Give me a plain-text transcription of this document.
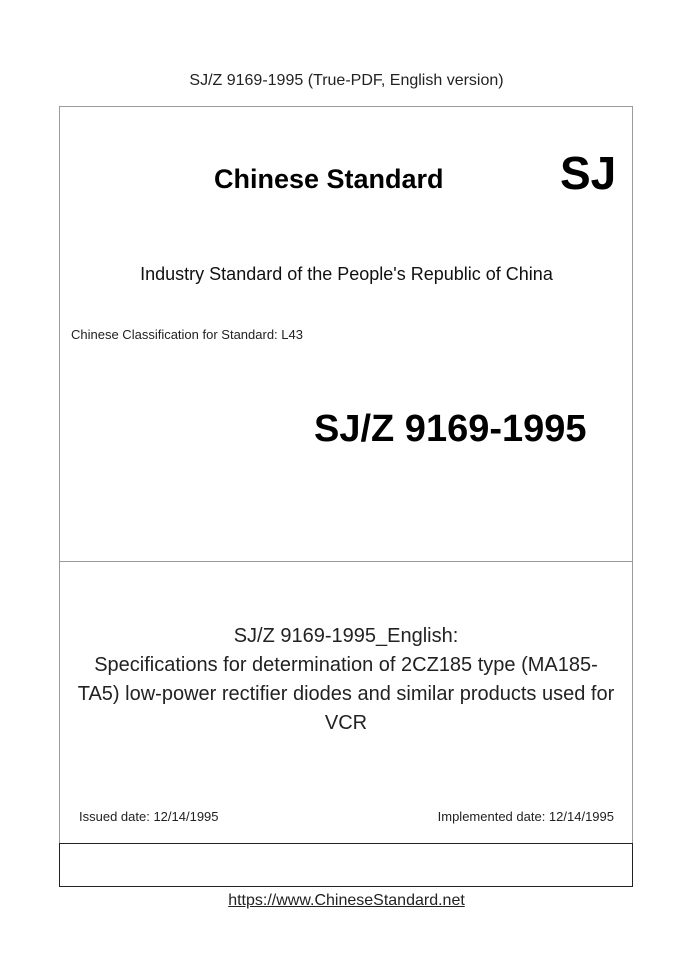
SJ/Z 9169-1995 (True-PDF, English version)
Chinese Standard	SJ
Industry Standard of the People's Republic of China
Chinese Classification for Standard: L43
SJ/Z 9169-1995
SJ/Z 9169-1995_English:
Specifications for determination of 2CZ185 type (MA185-
TA5) low-power rectifier diodes and similar products used for
VCR
Issued date: 12/14/1995	Implemented date: 12/14/1995
https://www.ChineseStandard.net
